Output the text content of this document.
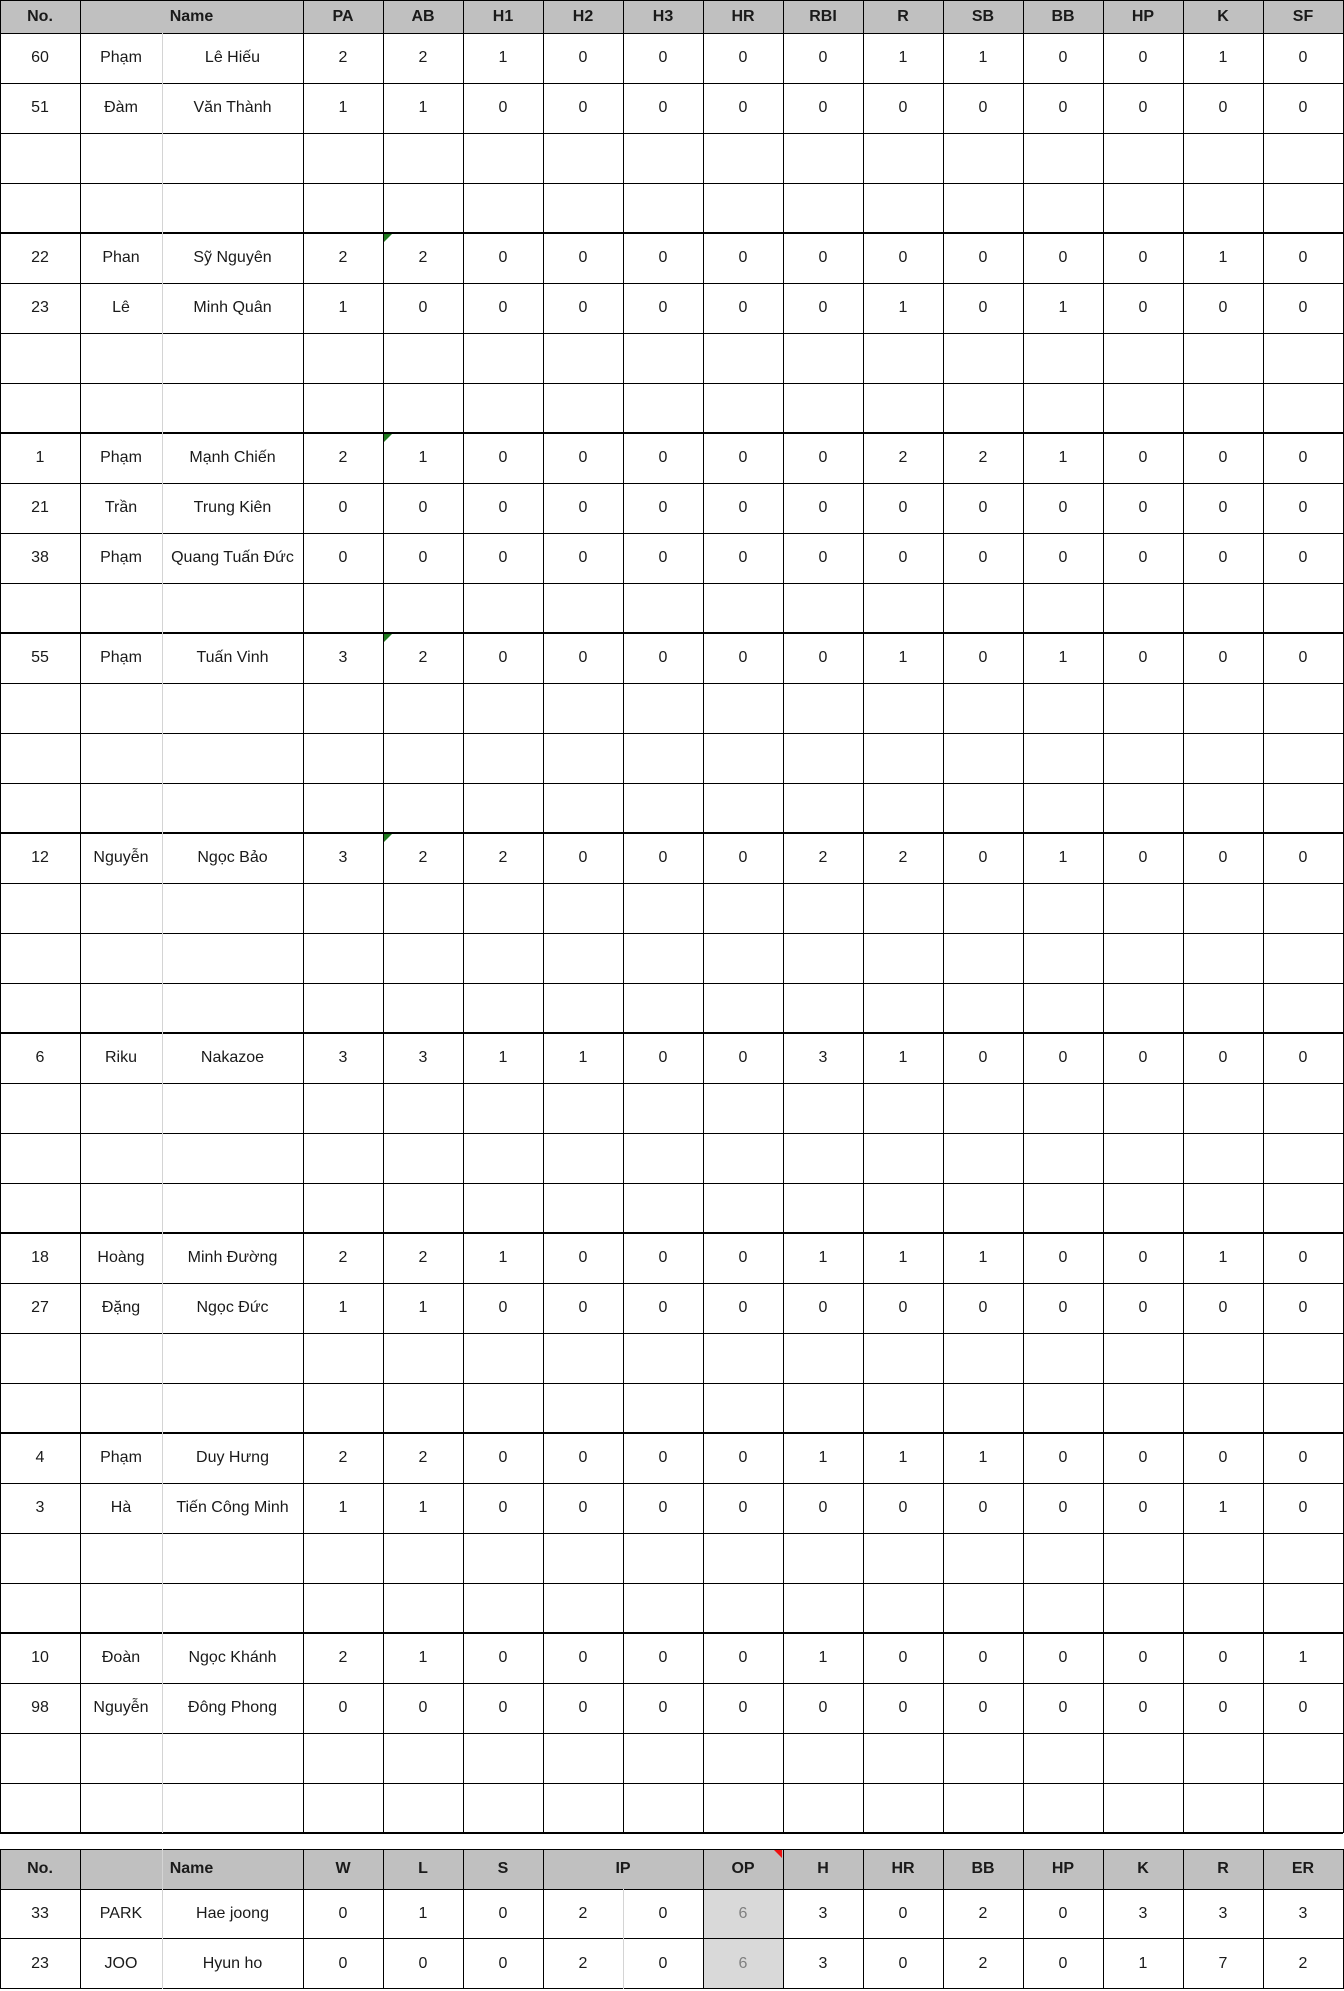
No.	Name	PA	AB	H1	H2	H3	HR	RBI	R	SB	BB	HP	K	SF
60	Phạm	Lê Hiếu	2	2	1	0	0	0	0	1	1	0	0	1	0
51	Đàm	Văn Thành	1	1	0	0	0	0	0	0	0	0	0	0	0
22	Phan	Sỹ Nguyên	2	2	0	0	0	0	0	0	0	0	0	1	0
23	Lê	Minh Quân	1	0	0	0	0	0	0	1	0	1	0	0	0
1	Phạm	Mạnh Chiến	2	1	0	0	0	0	0	2	2	1	0	0	0
21	Trần	Trung Kiên	0	0	0	0	0	0	0	0	0	0	0	0	0
38	Phạm	Quang Tuấn Đức	0	0	0	0	0	0	0	0	0	0	0	0	0
55	Phạm	Tuấn Vinh	3	2	0	0	0	0	0	1	0	1	0	0	0
12	Nguyễn	Ngọc Bảo	3	2	2	0	0	0	2	2	0	1	0	0	0
6	Riku	Nakazoe	3	3	1	1	0	0	3	1	0	0	0	0	0
18	Hoàng	Minh Đường	2	2	1	0	0	0	1	1	1	0	0	1	0
27	Đặng	Ngọc Đức	1	1	0	0	0	0	0	0	0	0	0	0	0
4	Phạm	Duy Hưng	2	2	0	0	0	0	1	1	1	0	0	0	0
3	Hà	Tiến Công Minh	1	1	0	0	0	0	0	0	0	0	0	1	0
10	Đoàn	Ngọc Khánh	2	1	0	0	0	0	1	0	0	0	0	0	1
98	Nguyễn	Đông Phong	0	0	0	0	0	0	0	0	0	0	0	0	0
No.	Name	W	L	S	IP	OP	H	HR	BB	HP	K	R	ER
33	PARK	Hae joong	0	1	0	2	0	6	3	0	2	0	3	3	3
23	JOO	Hyun ho	0	0	0	2	0	6	3	0	2	0	1	7	2
